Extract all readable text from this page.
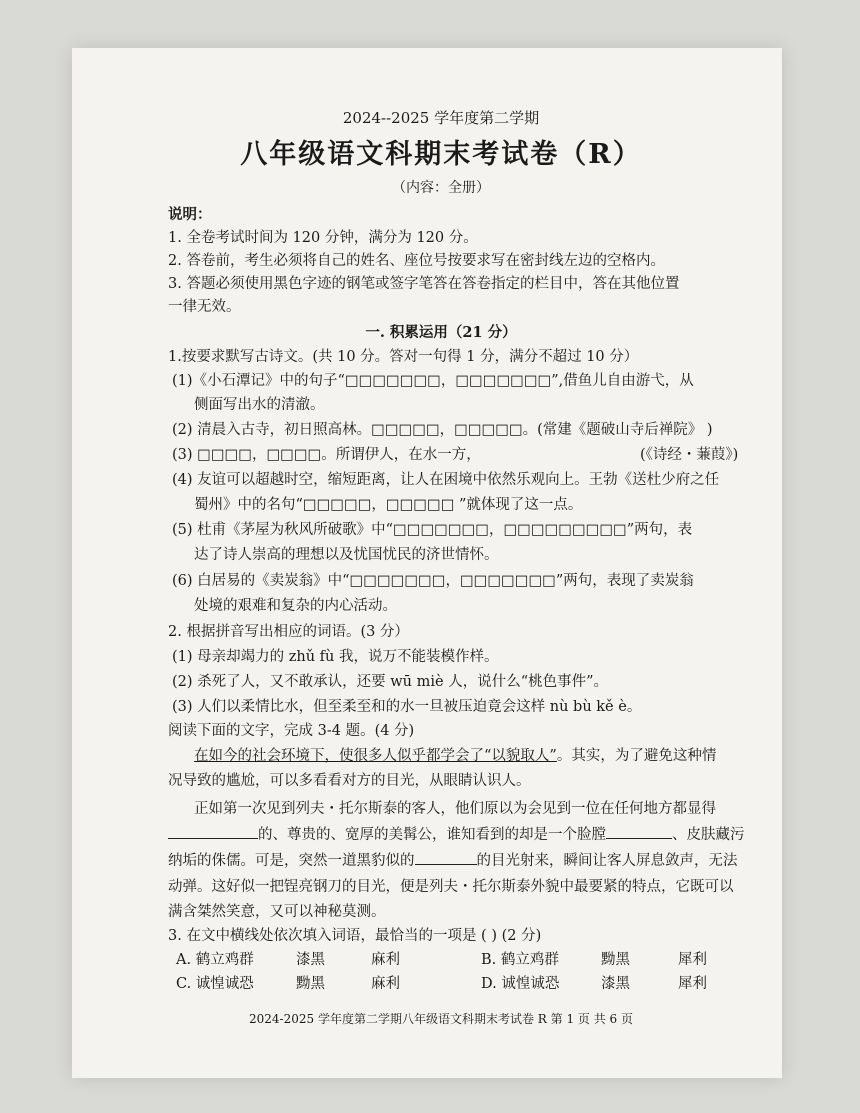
2024--2025 学年度第二学期
八年级语文科期末考试卷（R）
（内容：全册）
说明：
1. 全卷考试时间为 120 分钟，满分为 120 分。
2. 答卷前，考生必须将自己的姓名、座位号按要求写在密封线左边的空格内。
3. 答题必须使用黑色字迹的钢笔或签字笔答在答卷指定的栏目中，答在其他位置
一律无效。
一. 积累运用（21 分）
1.按要求默写古诗文。(共 10 分。答对一句得 1 分，满分不超过 10 分）
(1)《小石潭记》中的句子“□□□□□□□，□□□□□□□”,借鱼儿自由游弋，从
侧面写出水的清澈。
(2) 清晨入古寺，初日照高林。□□□□□，□□□□□。(常建《题破山寺后禅院》 )
(3) □□□□，□□□□。所谓伊人，在水一方，	(《诗经・蒹葭》)
(4) 友谊可以超越时空，缩短距离，让人在困境中依然乐观向上。王勃《送杜少府之任
蜀州》中的名句“□□□□□，□□□□□ ”就体现了这一点。
(5) 杜甫《茅屋为秋风所破歌》中“□□□□□□□，□□□□□□□□□”两句，表
达了诗人崇高的理想以及忧国忧民的济世情怀。
(6) 白居易的《卖炭翁》中“□□□□□□□，□□□□□□□”两句，表现了卖炭翁
处境的艰难和复杂的内心活动。
2. 根据拼音写出相应的词语。(3 分）
(1) 母亲却竭力的 zhǔ fù 我，说万不能装模作样。
(2) 杀死了人，又不敢承认，还要 wū miè 人，说什么“桃色事件”。
(3) 人们以柔情比水，但至柔至和的水一旦被压迫竟会这样 nù bù kě è。
阅读下面的文字，完成 3-4 题。(4 分)
在如今的社会环境下，使很多人似乎都学会了“以貌取人”。其实，为了避免这种情
况导致的尴尬，可以多看看对方的目光，从眼睛认识人。
正如第一次见到列夫・托尔斯泰的客人，他们原以为会见到一位在任何地方都显得
的、尊贵的、宽厚的美髯公，谁知看到的却是一个脸膛	、皮肤藏污
纳垢的侏儒。可是，突然一道黑豹似的	的目光射来，瞬间让客人屏息敛声，无法
动弹。这好似一把锃亮钢刀的目光，便是列夫・托尔斯泰外貌中最要紧的特点，它既可以
满含桀然笑意，又可以神秘莫测。
3. 在文中横线处依次填入词语，最恰当的一项是 ( ) (2 分)
A. 鹤立鸡群	漆黑	麻利	B. 鹤立鸡群	黝黑	犀利
C. 诚惶诚恐	黝黑	麻利	D. 诚惶诚恐	漆黑	犀利
2024-2025 学年度第二学期八年级语文科期末考试卷 R 第 1 页 共 6 页
